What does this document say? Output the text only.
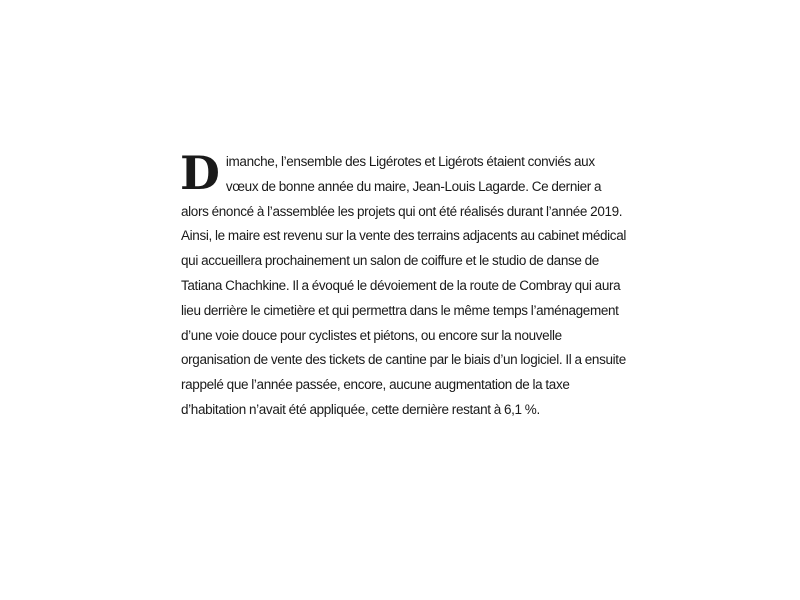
Dimanche, l’ensemble des Ligérotes et Ligérots étaient conviés aux vœux de bonne année du maire, Jean-Louis Lagarde. Ce dernier a alors énoncé à l’assemblée les projets qui ont été réalisés durant l’année 2019. Ainsi, le maire est revenu sur la vente des terrains adjacents au cabinet médical qui accueillera prochainement un salon de coiffure et le studio de danse de Tatiana Chachkine. Il a évoqué le dévoiement de la route de Combray qui aura lieu derrière le cimetière et qui permettra dans le même temps l’aménagement d’une voie douce pour cyclistes et piétons, ou encore sur la nouvelle organisation de vente des tickets de cantine par le biais d’un logiciel. Il a ensuite rappelé que l’année passée, encore, aucune augmentation de la taxe d’habitation n’avait été appliquée, cette dernière restant à 6,1 %.
